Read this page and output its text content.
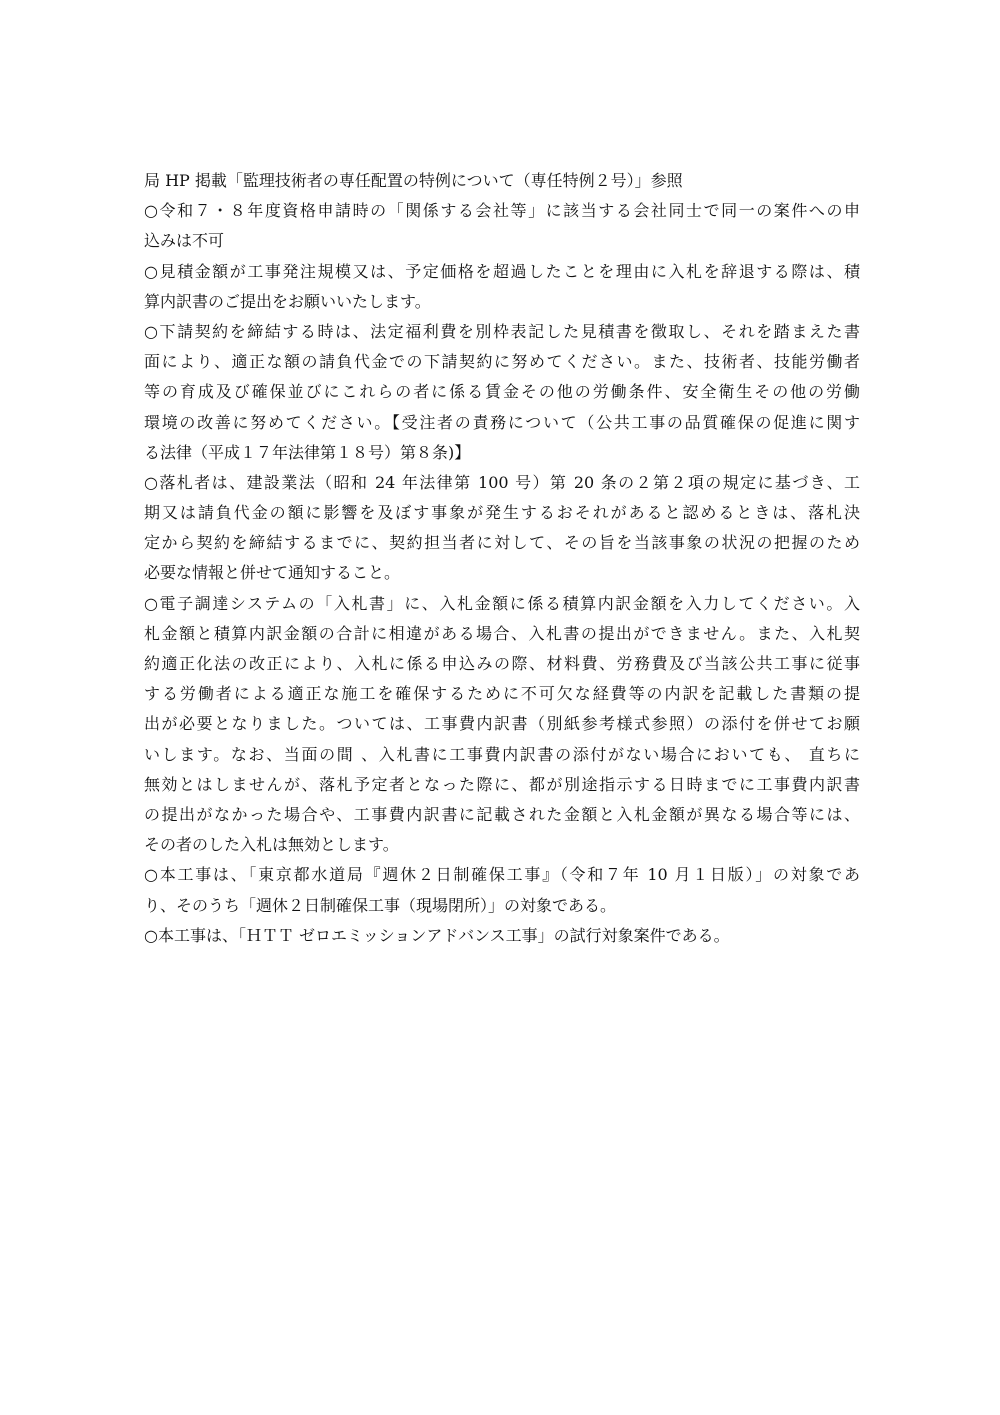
局 HP 掲載「監理技術者の専任配置の特例について（専任特例２号）」参照
○令和７・８年度資格申請時の「関係する会社等」に該当する会社同士で同一の案件への申
込みは不可
○見積金額が工事発注規模又は、予定価格を超過したことを理由に入札を辞退する際は、積
算内訳書のご提出をお願いいたします。
○下請契約を締結する時は、法定福利費を別枠表記した見積書を徴取し、それを踏まえた書
面により、適正な額の請負代金での下請契約に努めてください。また、技術者、技能労働者
等の育成及び確保並びにこれらの者に係る賃金その他の労働条件、安全衛生その他の労働
環境の改善に努めてください。【受注者の責務について（公共工事の品質確保の促進に関す
る法律（平成１７年法律第１８号）第８条)】
○落札者は、建設業法（昭和 24 年法律第 100 号）第 20 条の２第２項の規定に基づき、工
期又は請負代金の額に影響を及ぼす事象が発生するおそれがあると認めるときは、落札決
定から契約を締結するまでに、契約担当者に対して、その旨を当該事象の状況の把握のため
必要な情報と併せて通知すること。
○電子調達システムの「入札書」に、入札金額に係る積算内訳金額を入力してください。入
札金額と積算内訳金額の合計に相違がある場合、入札書の提出ができません。また、入札契
約適正化法の改正により、入札に係る申込みの際、材料費、労務費及び当該公共工事に従事
する労働者による適正な施工を確保するために不可欠な経費等の内訳を記載した書類の提
出が必要となりました。ついては、工事費内訳書（別紙参考様式参照）の添付を併せてお願
いします。なお、当面の間 、入札書に工事費内訳書の添付がない場合においても、 直ちに
無効とはしませんが、落札予定者となった際に、都が別途指示する日時までに工事費内訳書
の提出がなかった場合や、工事費内訳書に記載された金額と入札金額が異なる場合等には、
その者のした入札は無効とします。
○本工事は、「東京都水道局『週休２日制確保工事』（令和７年 10 月１日版）」の対象であ
り、そのうち「週休２日制確保工事（現場閉所）」の対象である。
○本工事は、「ＨＴＴ ゼロエミッションアドバンス工事」の試行対象案件である。
